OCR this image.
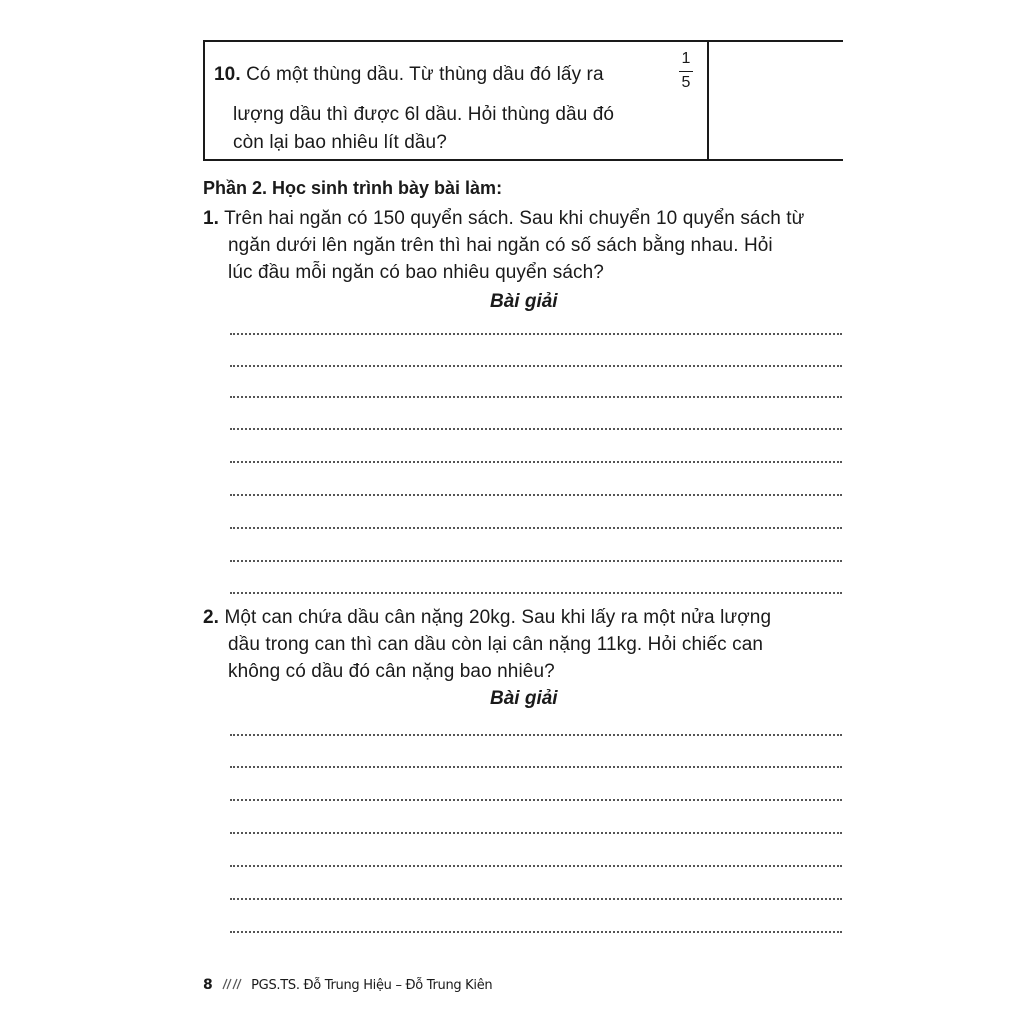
10. Có một thùng dầu. Từ thùng dầu đó lấy ra
1
5
lượng dầu thì được 6l dầu. Hỏi thùng dầu đó
còn lại bao nhiêu lít dầu?
Phần 2. Học sinh trình bày bài làm:
1. Trên hai ngăn có 150 quyển sách. Sau khi chuyển 10 quyển sách từ
ngăn dưới lên ngăn trên thì hai ngăn có số sách bằng nhau. Hỏi
lúc đầu mỗi ngăn có bao nhiêu quyển sách?
Bài giải
2. Một can chứa dầu cân nặng 20kg. Sau khi lấy ra một nửa lượng
dầu trong can thì can dầu còn lại cân nặng 11kg. Hỏi chiếc can
không có dầu đó cân nặng bao nhiêu?
Bài giải
8	PGS.TS. Đỗ Trung Hiệu – Đỗ Trung Kiên
